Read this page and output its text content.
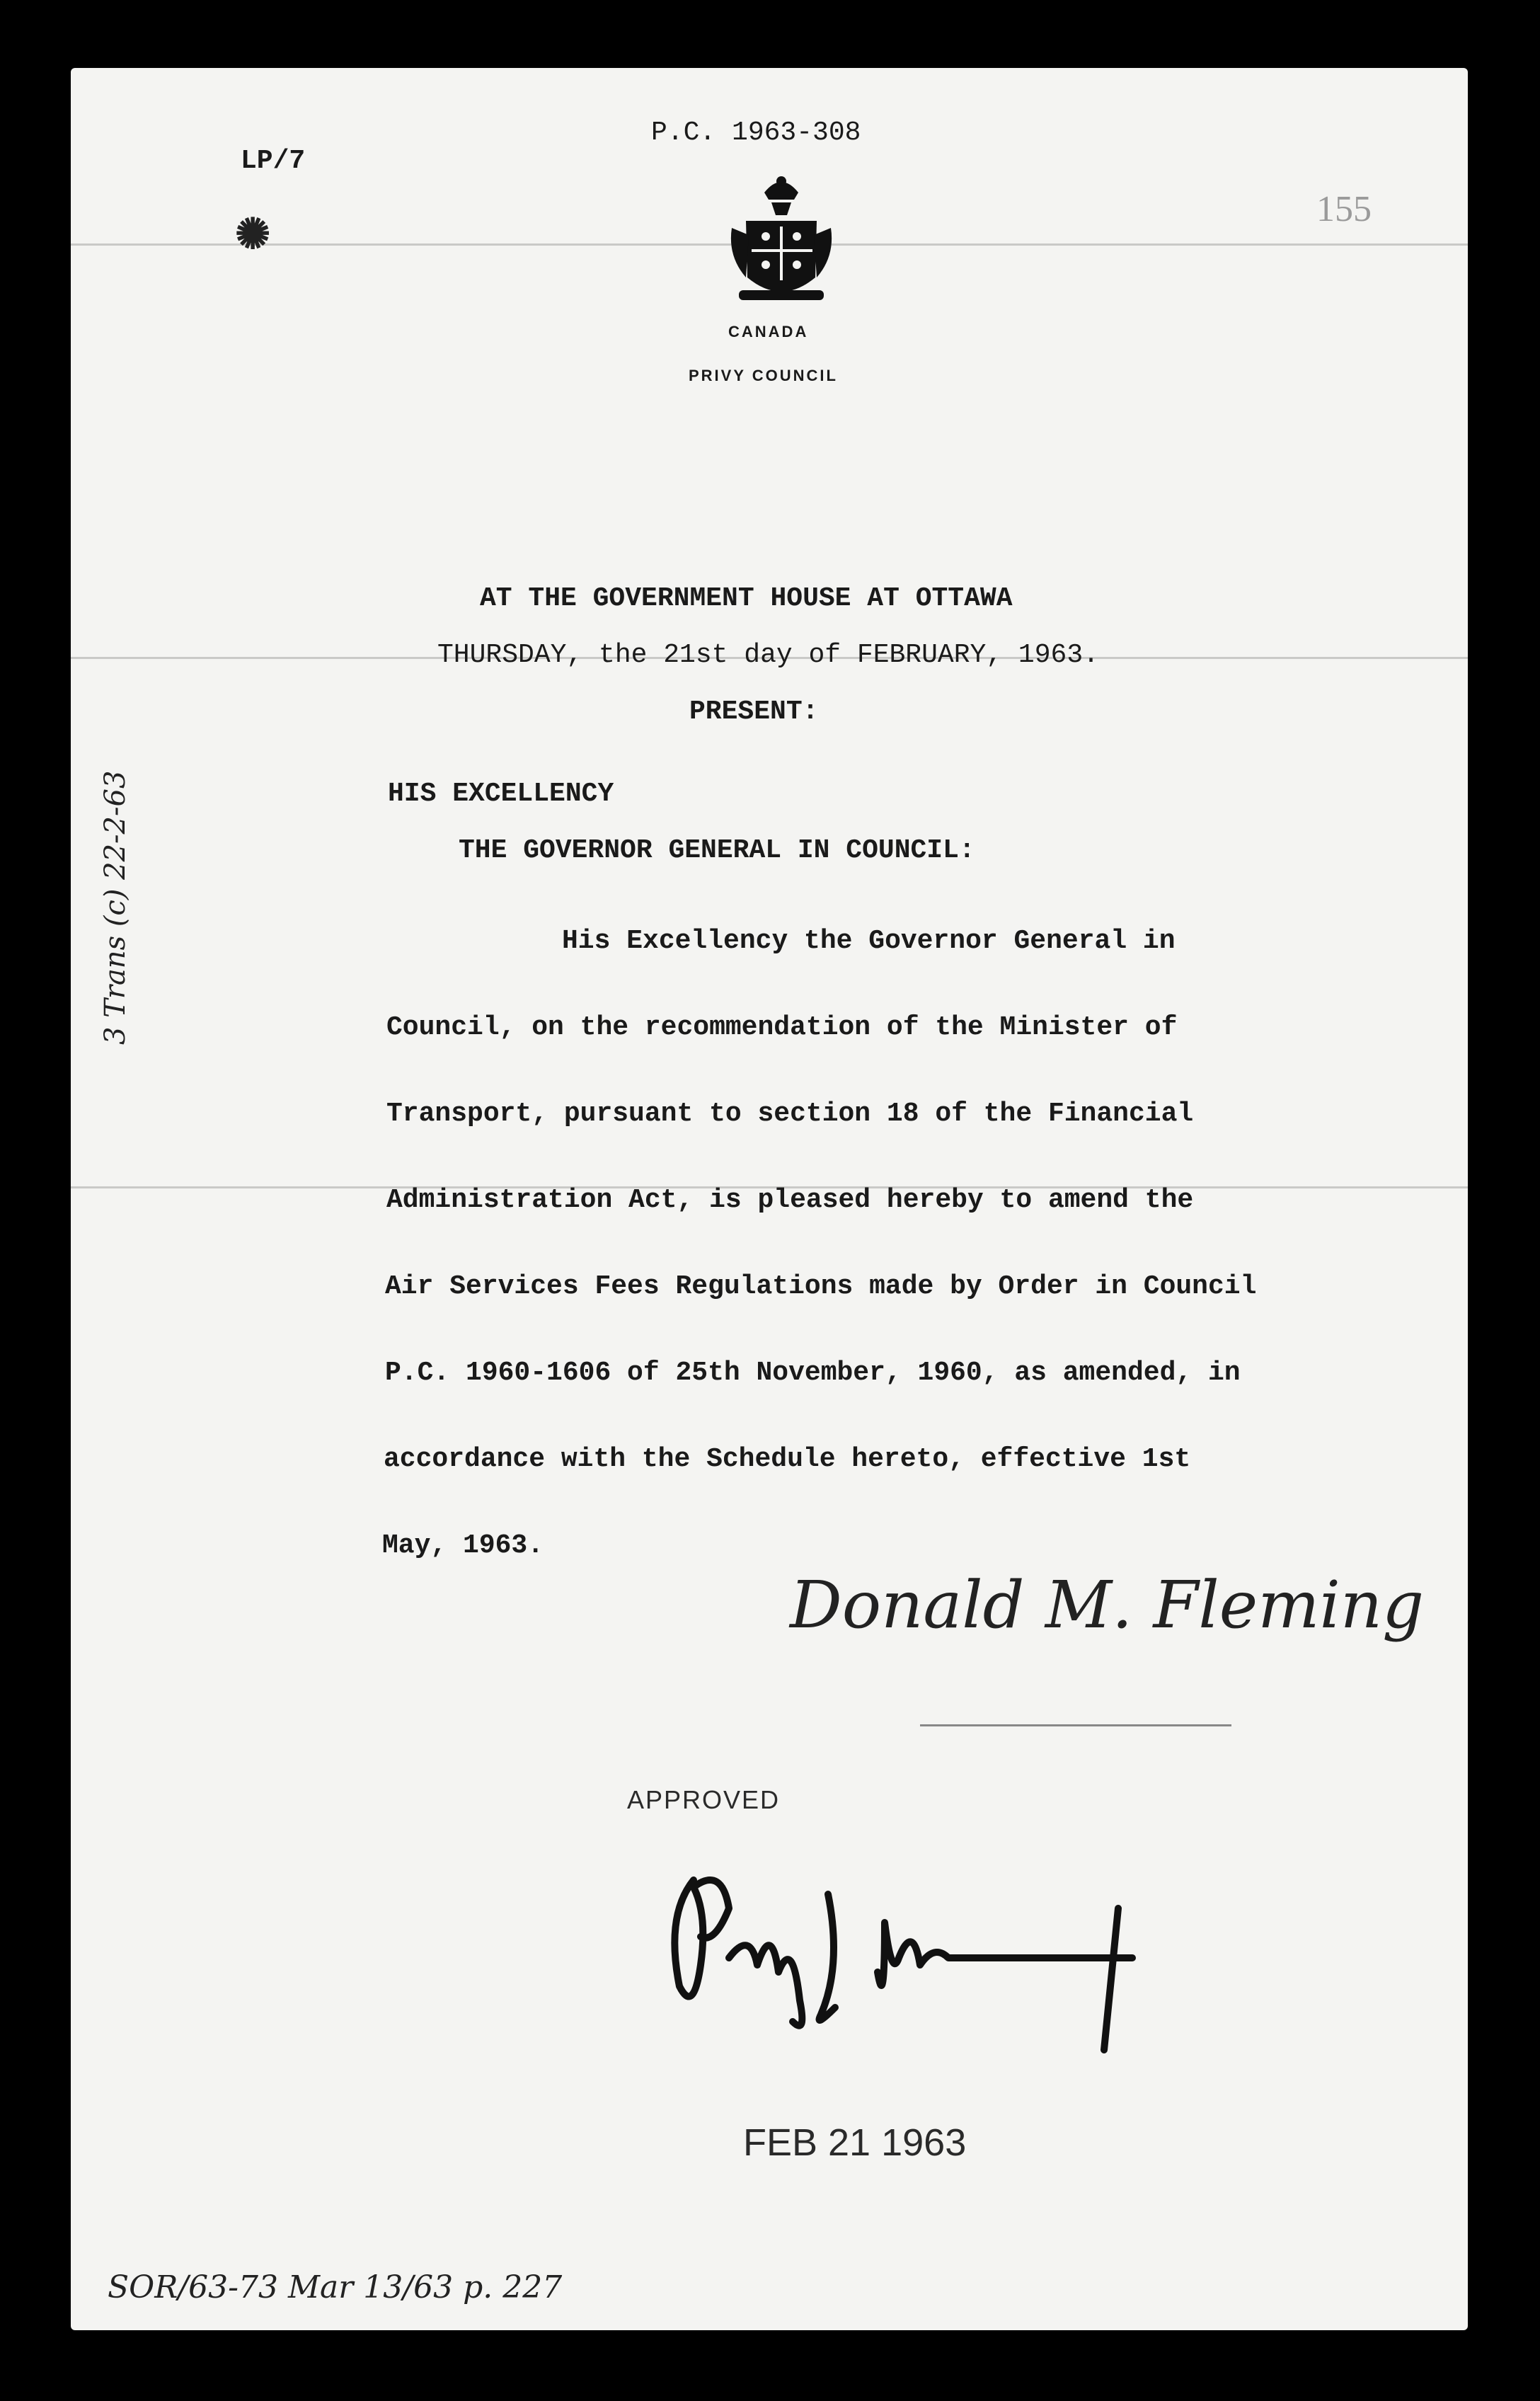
LP/7
P.C. 1963-308
155
✺
CANADA
PRIVY COUNCIL
AT THE GOVERNMENT HOUSE AT OTTAWA
THURSDAY, the 21st day of FEBRUARY, 1963.
PRESENT:
HIS EXCELLENCY
THE GOVERNOR GENERAL IN COUNCIL:
His Excellency the Governor General in
Council, on the recommendation of the Minister of
Transport, pursuant to section 18 of the Financial
Administration Act, is pleased hereby to amend the
Air Services Fees Regulations made by Order in Council
P.C. 1960-1606 of 25th November, 1960, as amended, in
accordance with the Schedule hereto, effective 1st
May, 1963.
Donald M. Fleming
APPROVED
FEB 21 1963
3 Trans (c) 22-2-63
SOR/63-73 Mar 13/63 p. 227
